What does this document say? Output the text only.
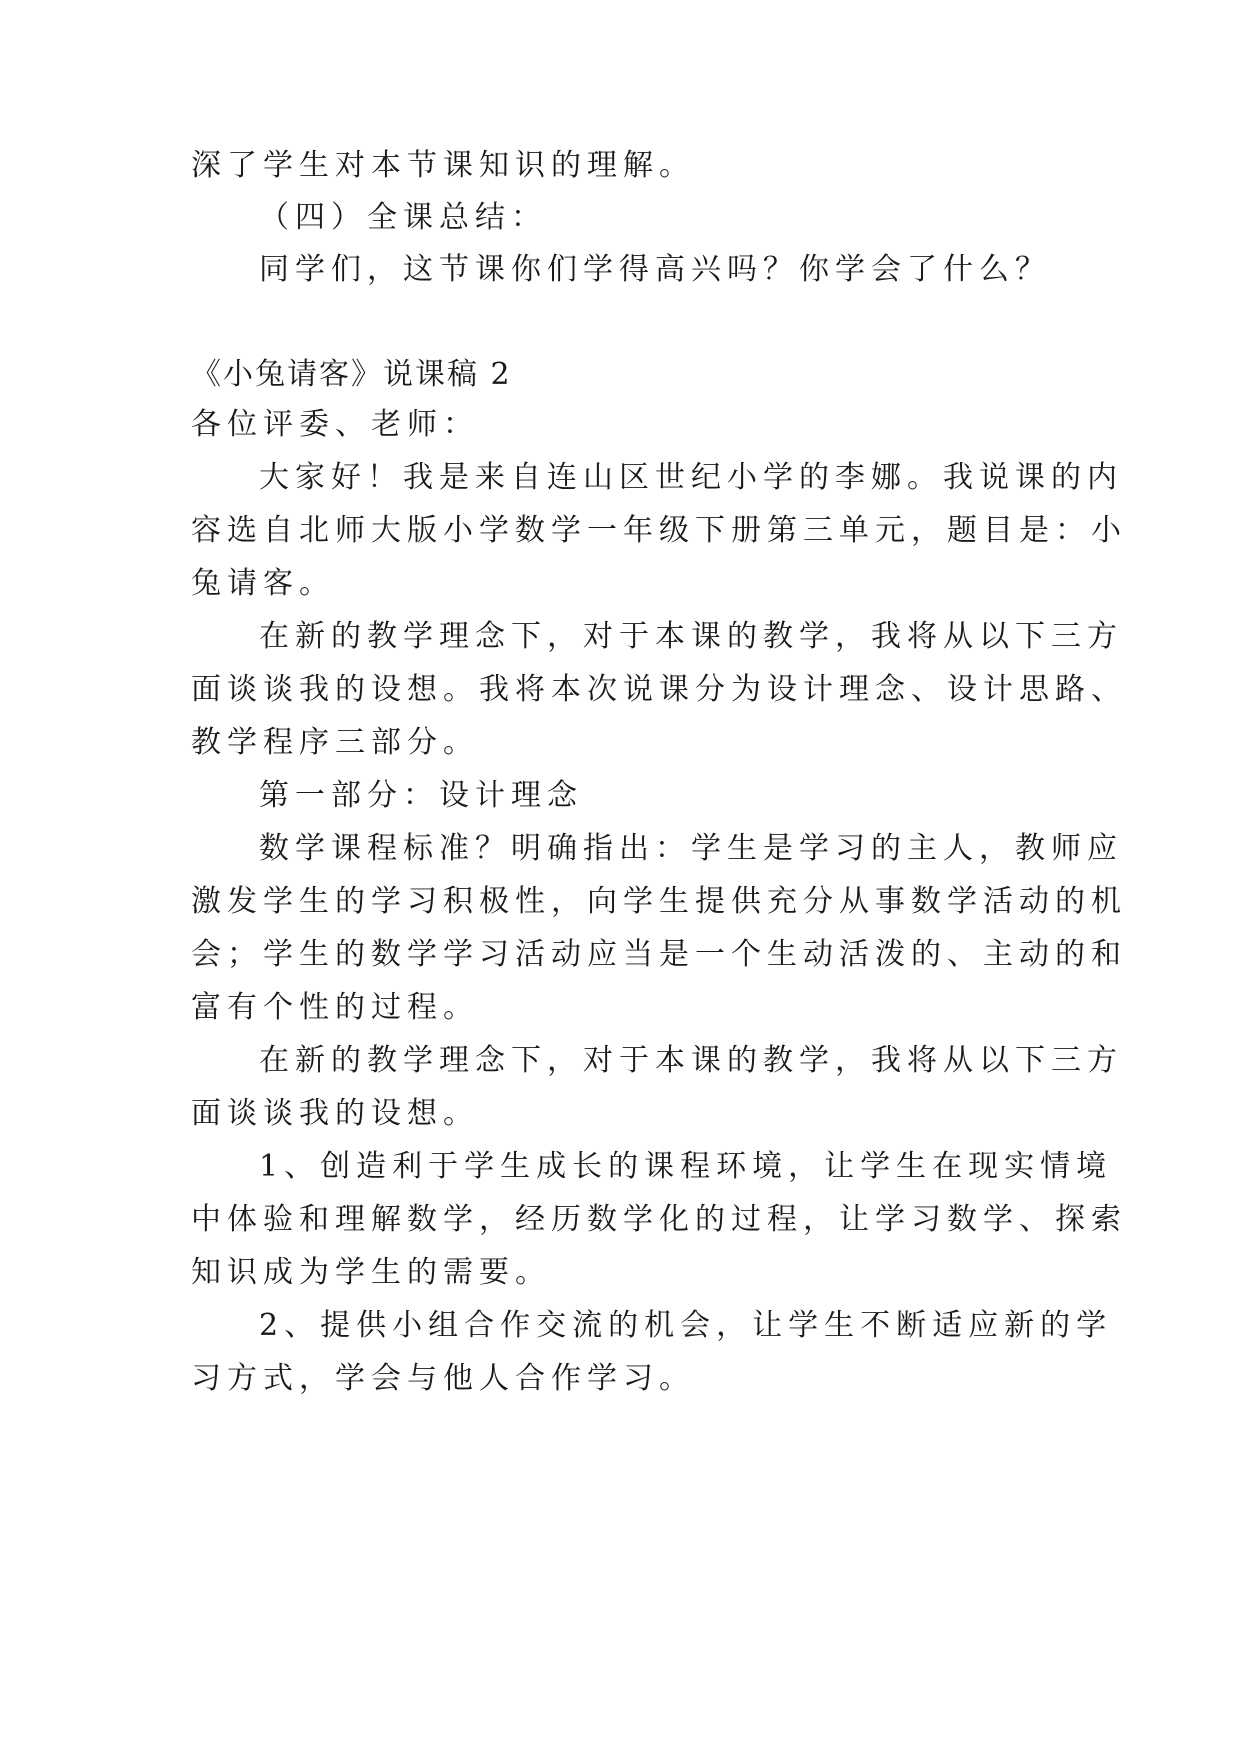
深了学生对本节课知识的理解。
（四）全课总结：
同学们，这节课你们学得高兴吗？你学会了什么？
《小兔请客》说课稿 2
各位评委、老师：
大家好！我是来自连山区世纪小学的李娜。我说课的内
容选自北师大版小学数学一年级下册第三单元，题目是：小
兔请客。
在新的教学理念下，对于本课的教学，我将从以下三方
面谈谈我的设想。我将本次说课分为设计理念、设计思路、
教学程序三部分。
第一部分：设计理念
数学课程标准？明确指出：学生是学习的主人，教师应
激发学生的学习积极性，向学生提供充分从事数学活动的机
会；学生的数学学习活动应当是一个生动活泼的、主动的和
富有个性的过程。
在新的教学理念下，对于本课的教学，我将从以下三方
面谈谈我的设想。
1、创造利于学生成长的课程环境，让学生在现实情境
中体验和理解数学，经历数学化的过程，让学习数学、探索
知识成为学生的需要。
2、提供小组合作交流的机会，让学生不断适应新的学
习方式，学会与他人合作学习。
